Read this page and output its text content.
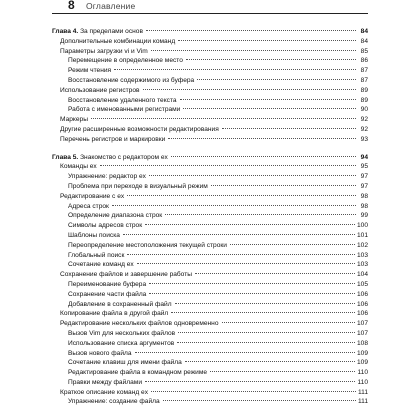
8 Оглавление
Глава 4. За пределами основ	84
Дополнительные комбинации команд	84
Параметры загрузки vi и Vim	85
Перемещение в определенное место	86
Режим чтения	87
Восстановление содержимого из буфера	87
Использование регистров	89
Восстановление удаленного текста	89
Работа с именованными регистрами	90
Маркеры	92
Другие расширенные возможности редактирования	92
Перечень регистров и маркировки	93
Глава 5. Знакомство с редактором ex	94
Команды ex	95
Упражнение: редактор ex	97
Проблема при переходе в визуальный режим	97
Редактирование с ex	98
Адреса строк	98
Определение диапазона строк	99
Символы адресов строк	100
Шаблоны поиска	101
Переопределение местоположения текущей строки	102
Глобальный поиск	103
Сочетание команд ex	103
Сохранение файлов и завершение работы	104
Переименование буфера	105
Сохранение части файла	106
Добавление в сохраненный файл	106
Копирование файла в другой файл	106
Редактирование нескольких файлов одновременно	107
Вызов Vim для нескольких файлов	107
Использование списка аргументов	108
Вызов нового файла	109
Сочетание клавиш для имени файла	109
Редактирование файла в командном режиме	110
Правки между файлами	110
Краткое описание команд ex	111
Упражнение: создание файла	111
